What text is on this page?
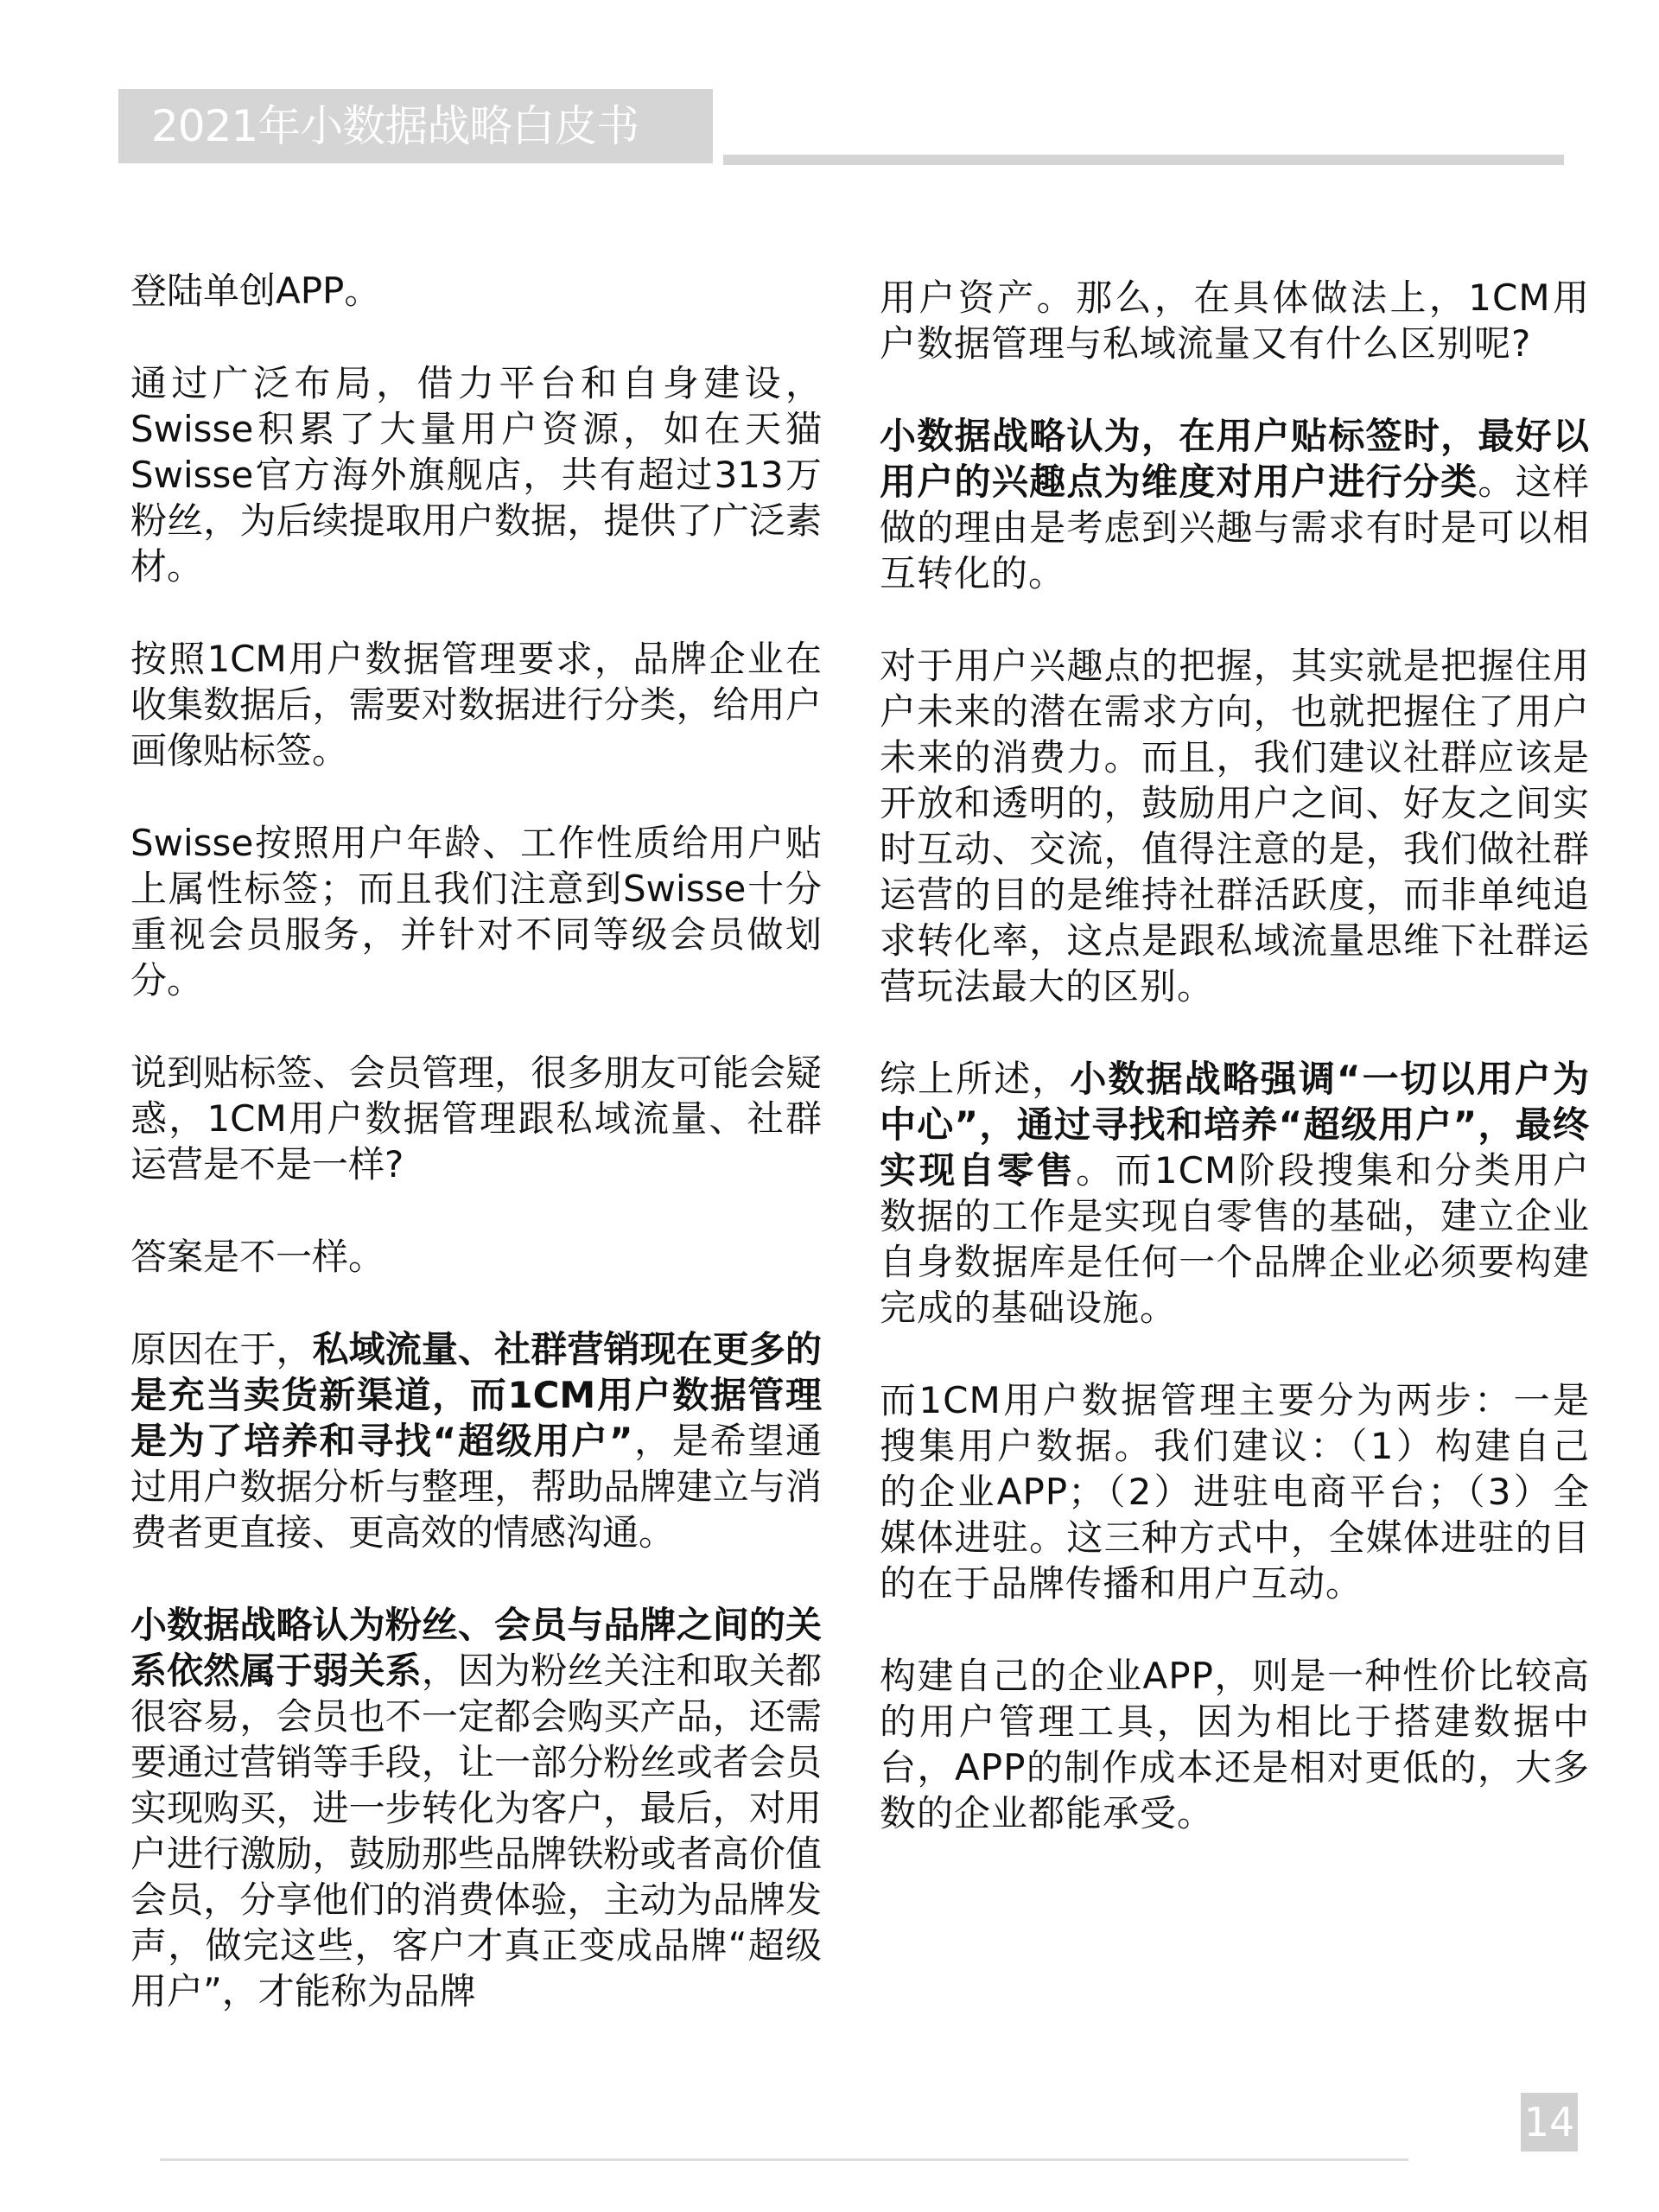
2021年小数据战略白皮书

登陆单创APP。

通过广泛布局，借力平台和自身建设，Swisse积累了大量用户资源，如在天猫Swisse官方海外旗舰店，共有超过313万粉丝，为后续提取用户数据，提供了广泛素材。

按照1CM用户数据管理要求，品牌企业在收集数据后，需要对数据进行分类，给用户画像贴标签。

Swisse按照用户年龄、工作性质给用户贴上属性标签；而且我们注意到Swisse十分重视会员服务，并针对不同等级会员做划分。

说到贴标签、会员管理，很多朋友可能会疑惑，1CM用户数据管理跟私域流量、社群运营是不是一样?

答案是不一样。

原因在于，私域流量、社群营销现在更多的是充当卖货新渠道，而1CM用户数据管理是为了培养和寻找“超级用户”，是希望通过用户数据分析与整理，帮助品牌建立与消费者更直接、更高效的情感沟通。

小数据战略认为粉丝、会员与品牌之间的关系依然属于弱关系，因为粉丝关注和取关都很容易，会员也不一定都会购买产品，还需要通过营销等手段，让一部分粉丝或者会员实现购买，进一步转化为客户，最后，对用户进行激励，鼓励那些品牌铁粉或者高价值会员，分享他们的消费体验，主动为品牌发声，做完这些，客户才真正变成品牌“超级用户”，才能称为品牌

用户资产。那么，在具体做法上，1CM用户数据管理与私域流量又有什么区别呢?

小数据战略认为，在用户贴标签时，最好以用户的兴趣点为维度对用户进行分类。这样做的理由是考虑到兴趣与需求有时是可以相互转化的。

对于用户兴趣点的把握，其实就是把握住用户未来的潜在需求方向，也就把握住了用户未来的消费力。而且，我们建议社群应该是开放和透明的，鼓励用户之间、好友之间实时互动、交流，值得注意的是，我们做社群运营的目的是维持社群活跃度，而非单纯追求转化率，这点是跟私域流量思维下社群运营玩法最大的区别。

综上所述，小数据战略强调“一切以用户为中心”，通过寻找和培养“超级用户”，最终实现自零售。而1CM阶段搜集和分类用户数据的工作是实现自零售的基础，建立企业自身数据库是任何一个品牌企业必须要构建完成的基础设施。

而1CM用户数据管理主要分为两步：一是搜集用户数据。我们建议：（1）构建自己的企业APP；（2）进驻电商平台；（3）全媒体进驻。这三种方式中，全媒体进驻的目的在于品牌传播和用户互动。

构建自己的企业APP，则是一种性价比较高的用户管理工具，因为相比于搭建数据中台，APP的制作成本还是相对更低的，大多数的企业都能承受。

14
